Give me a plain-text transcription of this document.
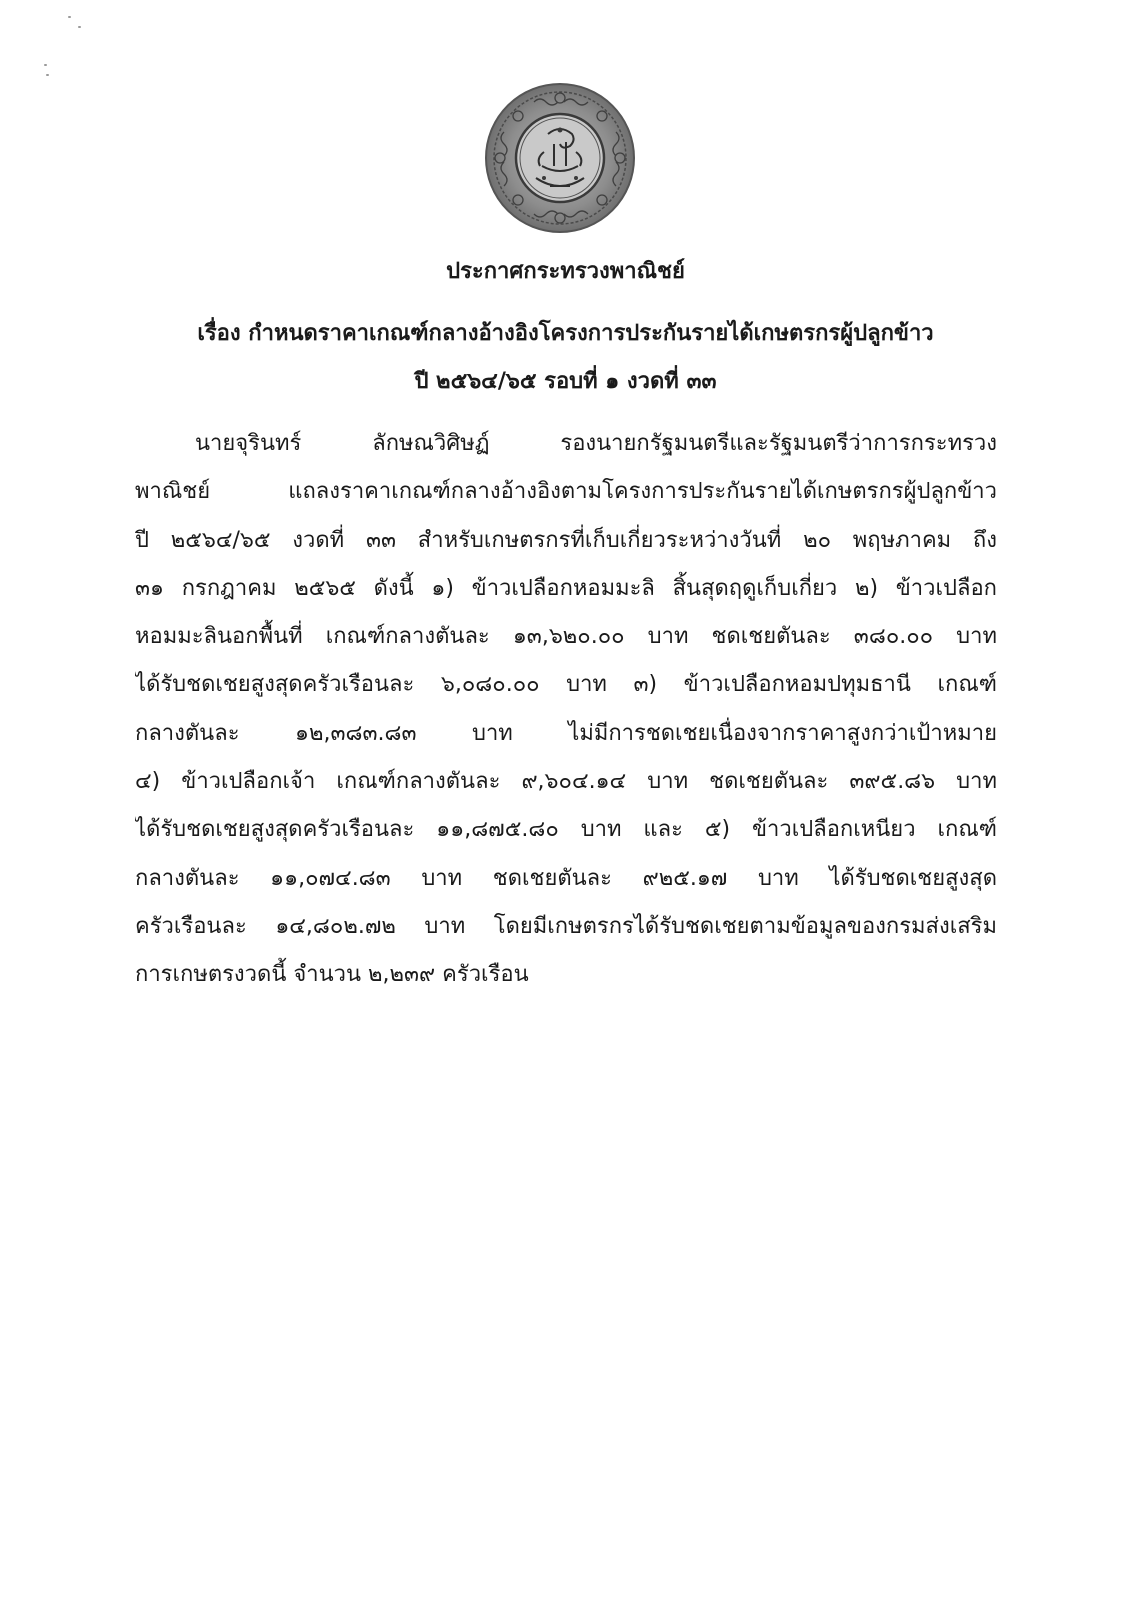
ประกาศกระทรวงพาณิชย์
เรื่อง กำหนดราคาเกณฑ์กลางอ้างอิงโครงการประกันรายได้เกษตรกรผู้ปลูกข้าว
ปี ๒๕๖๔/๖๕ รอบที่ ๑ งวดที่ ๓๓
นายจุรินทร์ ลักษณวิศิษฏ์ รองนายกรัฐมนตรีและรัฐมนตรีว่าการกระทรวง
พาณิชย์ แถลงราคาเกณฑ์กลางอ้างอิงตามโครงการประกันรายได้เกษตรกรผู้ปลูกข้าว
ปี ๒๕๖๔/๖๕ งวดที่ ๓๓ สำหรับเกษตรกรที่เก็บเกี่ยวระหว่างวันที่ ๒๐ พฤษภาคม ถึง
๓๑ กรกฎาคม ๒๕๖๕ ดังนี้ ๑) ข้าวเปลือกหอมมะลิ สิ้นสุดฤดูเก็บเกี่ยว ๒) ข้าวเปลือก
หอมมะลินอกพื้นที่ เกณฑ์กลางตันละ ๑๓,๖๒๐.๐๐ บาท ชดเชยตันละ ๓๘๐.๐๐ บาท
ได้รับชดเชยสูงสุดครัวเรือนละ ๖,๐๘๐.๐๐ บาท ๓) ข้าวเปลือกหอมปทุมธานี เกณฑ์
กลางตันละ ๑๒,๓๘๓.๘๓ บาท ไม่มีการชดเชยเนื่องจากราคาสูงกว่าเป้าหมาย
๔) ข้าวเปลือกเจ้า เกณฑ์กลางตันละ ๙,๖๐๔.๑๔ บาท ชดเชยตันละ ๓๙๕.๘๖ บาท
ได้รับชดเชยสูงสุดครัวเรือนละ ๑๑,๘๗๕.๘๐ บาท และ ๕) ข้าวเปลือกเหนียว เกณฑ์
กลางตันละ ๑๑,๐๗๔.๘๓ บาท ชดเชยตันละ ๙๒๕.๑๗ บาท ได้รับชดเชยสูงสุด
ครัวเรือนละ ๑๔,๘๐๒.๗๒ บาท โดยมีเกษตรกรได้รับชดเชยตามข้อมูลของกรมส่งเสริม
การเกษตรงวดนี้ จำนวน ๒,๒๓๙ ครัวเรือน
